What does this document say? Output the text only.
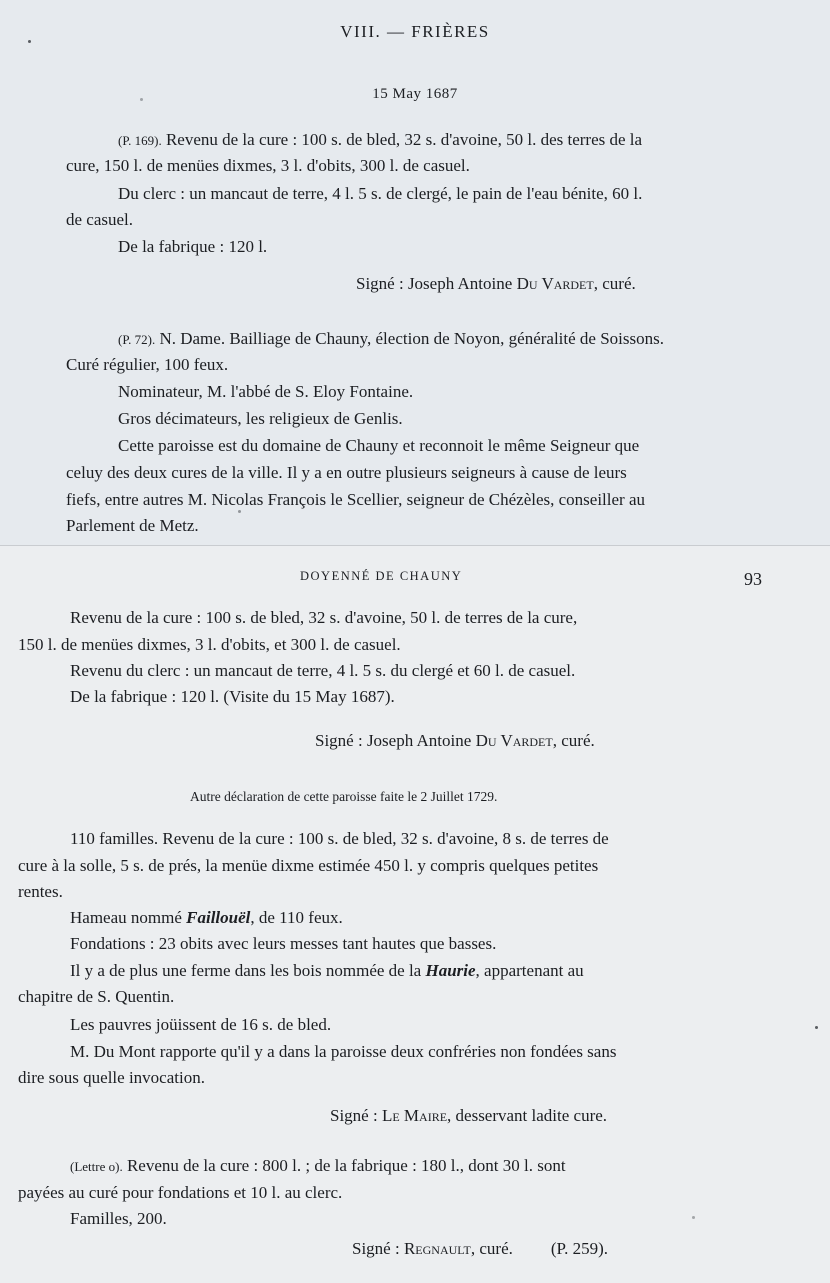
VIII. — FRIÈRES
15 May 1687
(P. 169). Revenu de la cure : 100 s. de bled, 32 s. d'avoine, 50 l. des terres de la
cure, 150 l. de menües dixmes, 3 l. d'obits, 300 l. de casuel.
Du clerc : un mancaut de terre, 4 l. 5 s. de clergé, le pain de l'eau bénite, 60 l.
de casuel.
De la fabrique : 120 l.
Signé : Joseph Antoine Du Vardet, curé.
(P. 72). N. Dame. Bailliage de Chauny, élection de Noyon, généralité de Soissons.
Curé régulier, 100 feux.
Nominateur, M. l'abbé de S. Eloy Fontaine.
Gros décimateurs, les religieux de Genlis.
Cette paroisse est du domaine de Chauny et reconnoit le même Seigneur que
celuy des deux cures de la ville. Il y a en outre plusieurs seigneurs à cause de leurs
fiefs, entre autres M. Nicolas François le Scellier, seigneur de Chézèles, conseiller au
Parlement de Metz.
DOYENNÉ DE CHAUNY	93
Revenu de la cure : 100 s. de bled, 32 s. d'avoine, 50 l. de terres de la cure,
150 l. de menües dixmes, 3 l. d'obits, et 300 l. de casuel.
Revenu du clerc : un mancaut de terre, 4 l. 5 s. du clergé et 60 l. de casuel.
De la fabrique : 120 l. (Visite du 15 May 1687).
Signé : Joseph Antoine Du Vardet, curé.
Autre déclaration de cette paroisse faite le 2 Juillet 1729.
110 familles. Revenu de la cure : 100 s. de bled, 32 s. d'avoine, 8 s. de terres de
cure à la solle, 5 s. de prés, la menüe dixme estimée 450 l. y compris quelques petites
rentes.
Hameau nommé Faillouël, de 110 feux.
Fondations : 23 obits avec leurs messes tant hautes que basses.
Il y a de plus une ferme dans les bois nommée de la Haurie, appartenant au
chapitre de S. Quentin.
Les pauvres joüissent de 16 s. de bled.
M. Du Mont rapporte qu'il y a dans la paroisse deux confréries non fondées sans
dire sous quelle invocation.
Signé : Le Maire, desservant ladite cure.
(Lettre o). Revenu de la cure : 800 l. ; de la fabrique : 180 l., dont 30 l. sont
payées au curé pour fondations et 10 l. au clerc.
Familles, 200.
Signé : Regnault, curé. (P. 259).
